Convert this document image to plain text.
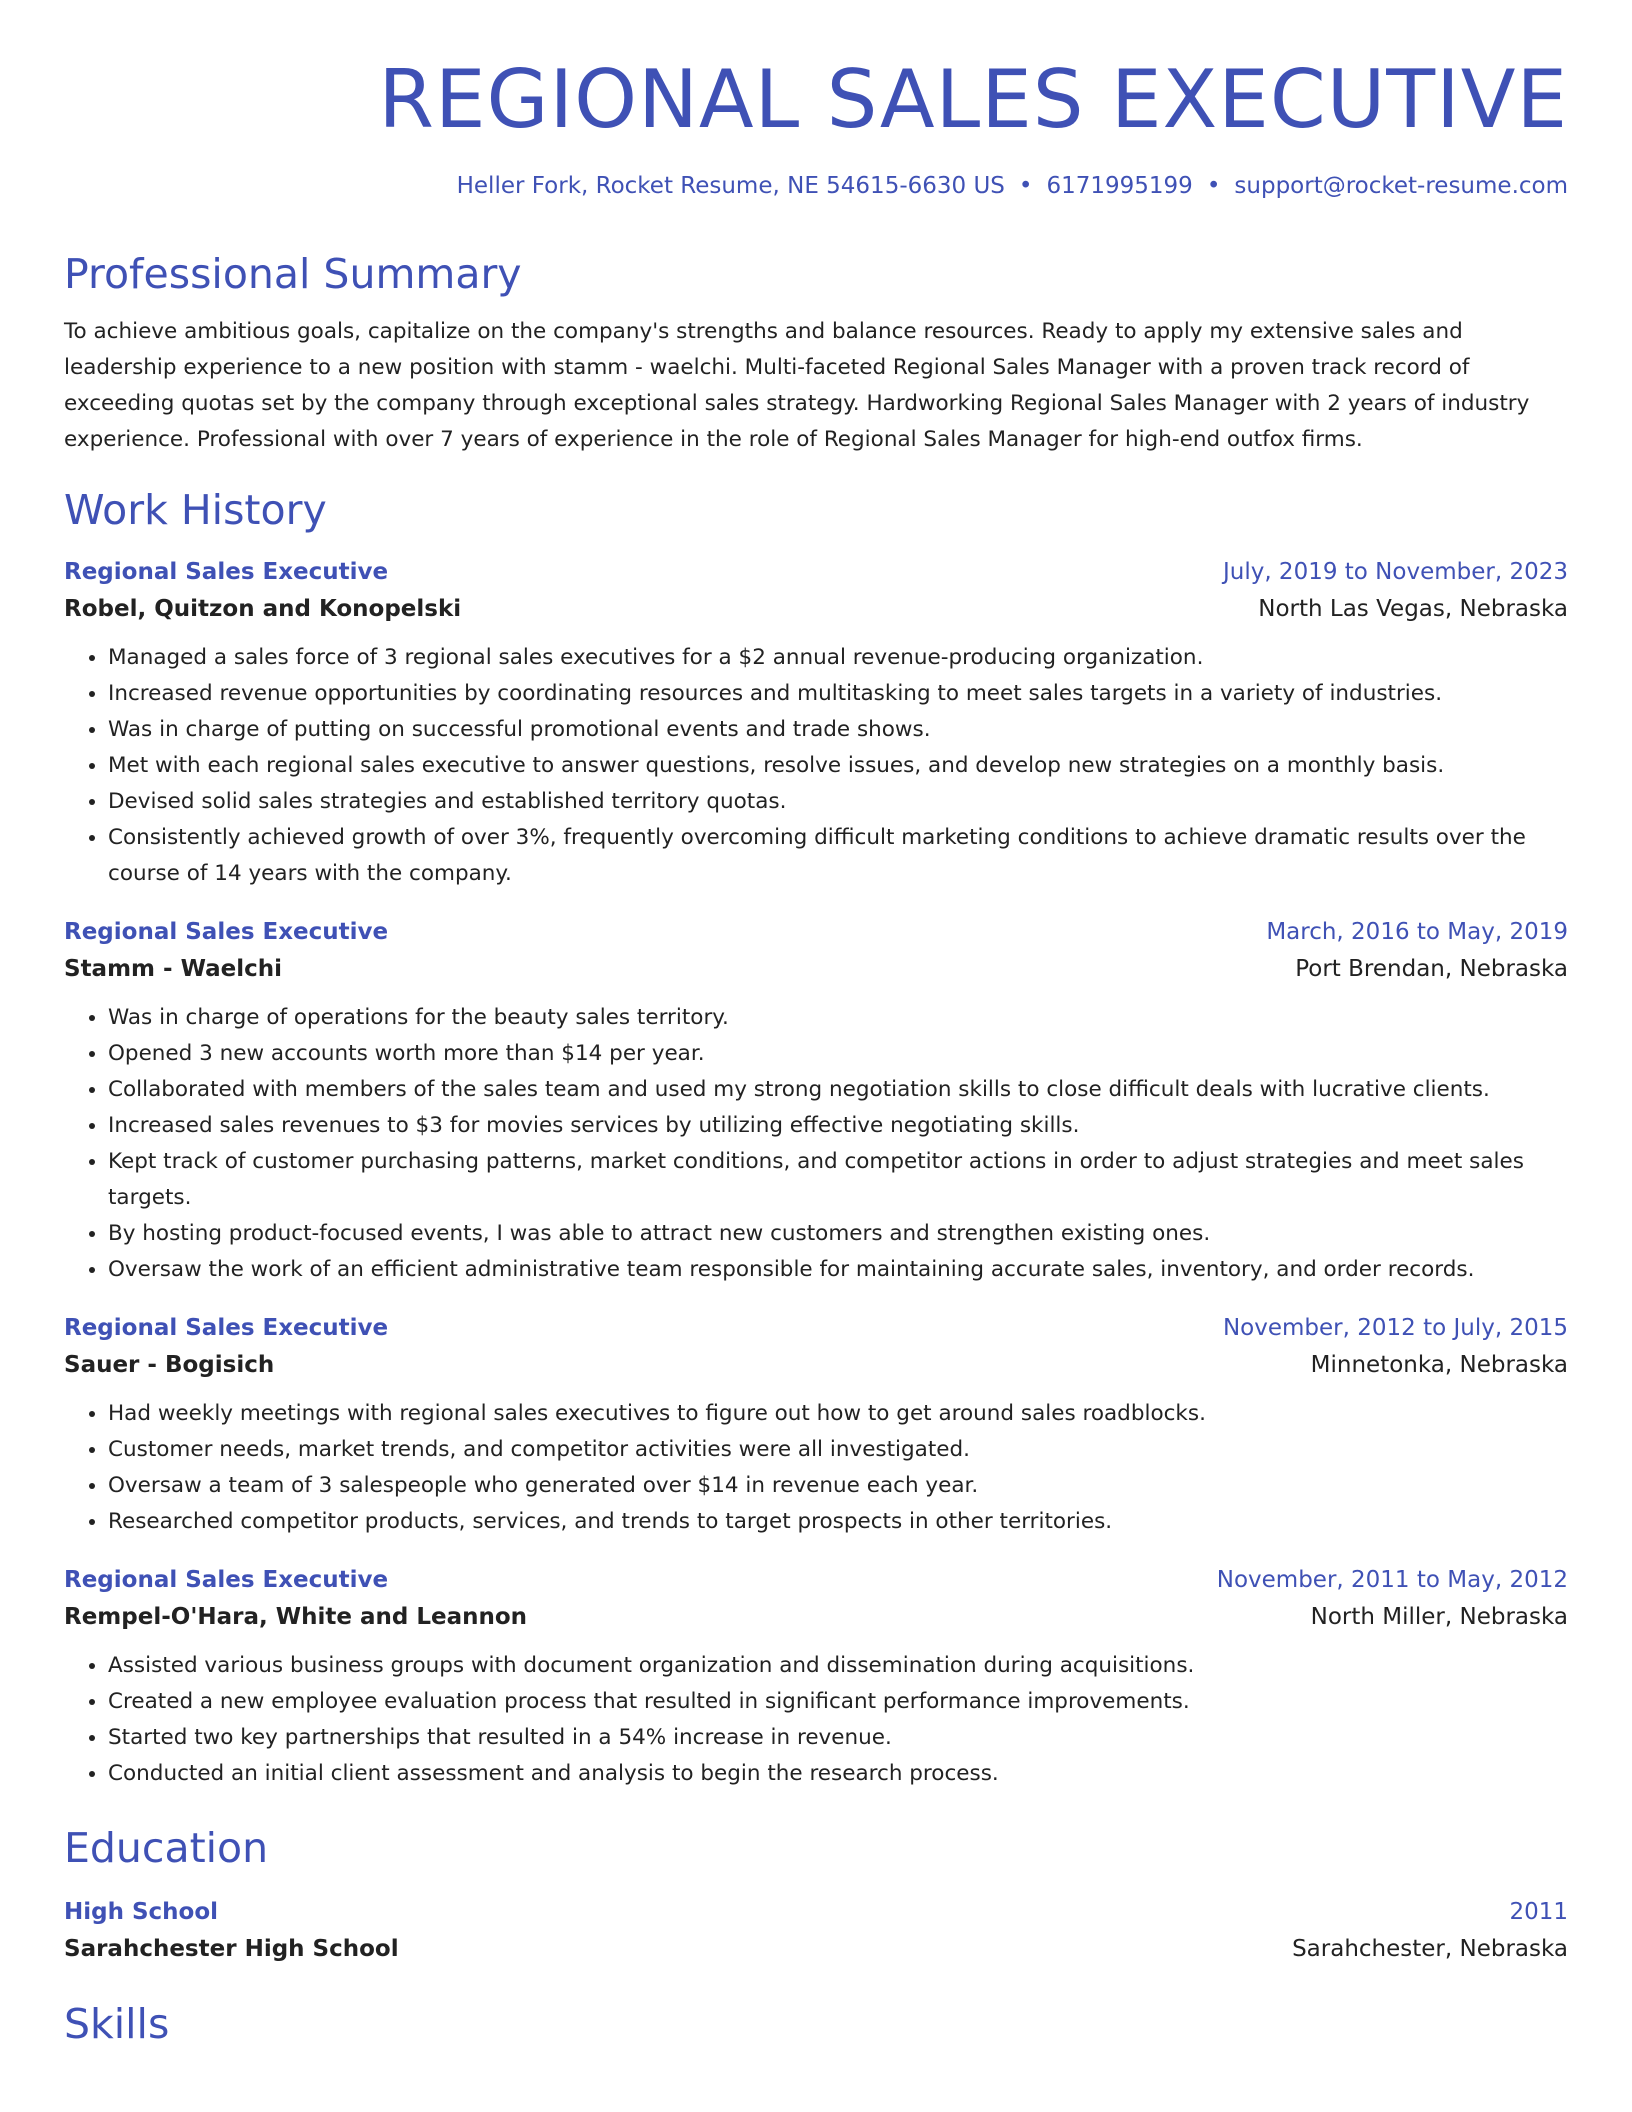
REGIONAL SALES EXECUTIVE
Heller Fork, Rocket Resume, NE 54615-6630 US • 6171995199 • support@rocket-resume.com
Professional Summary

To achieve ambitious goals, capitalize on the company's strengths and balance resources. Ready to apply my extensive sales and leadership experience to a new position with stamm - waelchi. Multi-faceted Regional Sales Manager with a proven track record of exceeding quotas set by the company through exceptional sales strategy. Hardworking Regional Sales Manager with 2 years of industry experience. Professional with over 7 years of experience in the role of Regional Sales Manager for high-end outfox firms.

Work History
Regional Sales Executive	July, 2019 to November, 2023
Robel, Quitzon and Konopelski	North Las Vegas, Nebraska
• Managed a sales force of 3 regional sales executives for a $2 annual revenue-producing organization.
• Increased revenue opportunities by coordinating resources and multitasking to meet sales targets in a variety of industries.
• Was in charge of putting on successful promotional events and trade shows.
• Met with each regional sales executive to answer questions, resolve issues, and develop new strategies on a monthly basis.
• Devised solid sales strategies and established territory quotas.
• Consistently achieved growth of over 3%, frequently overcoming difficult marketing conditions to achieve dramatic results over the course of 14 years with the company.
Regional Sales Executive	March, 2016 to May, 2019
Stamm - Waelchi	Port Brendan, Nebraska
• Was in charge of operations for the beauty sales territory.
• Opened 3 new accounts worth more than $14 per year.
• Collaborated with members of the sales team and used my strong negotiation skills to close difficult deals with lucrative clients.
• Increased sales revenues to $3 for movies services by utilizing effective negotiating skills.
• Kept track of customer purchasing patterns, market conditions, and competitor actions in order to adjust strategies and meet sales targets.
• By hosting product-focused events, I was able to attract new customers and strengthen existing ones.
• Oversaw the work of an efficient administrative team responsible for maintaining accurate sales, inventory, and order records.
Regional Sales Executive	November, 2012 to July, 2015
Sauer - Bogisich	Minnetonka, Nebraska
• Had weekly meetings with regional sales executives to figure out how to get around sales roadblocks.
• Customer needs, market trends, and competitor activities were all investigated.
• Oversaw a team of 3 salespeople who generated over $14 in revenue each year.
• Researched competitor products, services, and trends to target prospects in other territories.
Regional Sales Executive	November, 2011 to May, 2012
Rempel-O'Hara, White and Leannon	North Miller, Nebraska
• Assisted various business groups with document organization and dissemination during acquisitions.
• Created a new employee evaluation process that resulted in significant performance improvements.
• Started two key partnerships that resulted in a 54% increase in revenue.
• Conducted an initial client assessment and analysis to begin the research process.
Education
High School	2011
Sarahchester High School	Sarahchester, Nebraska
Skills
